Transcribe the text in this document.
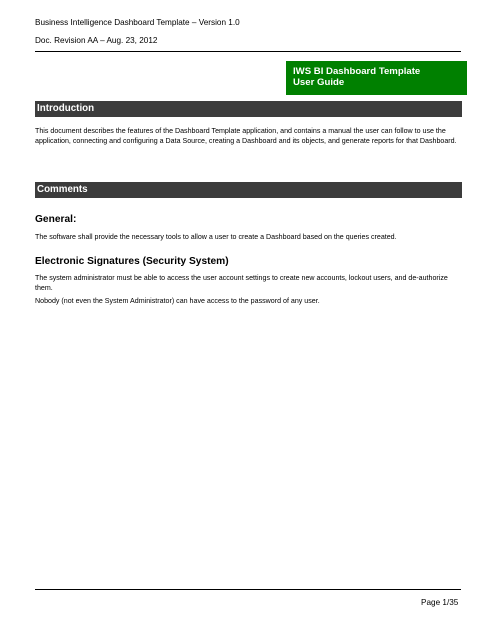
Business Intelligence Dashboard Template – Version 1.0
Doc. Revision AA – Aug. 23, 2012
IWS BI Dashboard Template
User Guide
Introduction

This document describes the features of the Dashboard Template application, and contains a manual the user can follow to use the application, connecting and configuring a Data Source, creating a Dashboard and its objects, and generate reports for that Dashboard.

Comments

General:

The software shall provide the necessary tools to allow a user to create a Dashboard based on the queries created.

Electronic Signatures (Security System)

The system administrator must be able to access the user account settings to create new accounts, lockout users, and de-authorize them.

Nobody (not even the System Administrator) can have access to the password of any user.

Page 1/35
